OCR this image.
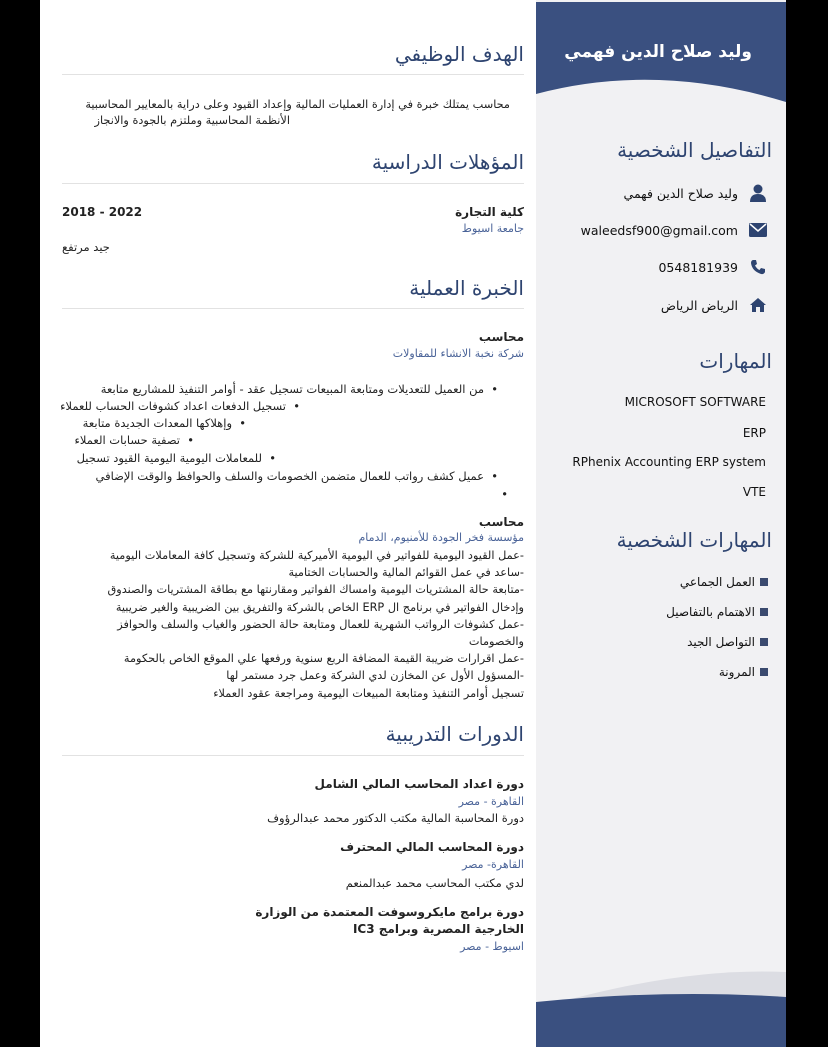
وليد صلاح الدين فهمي
التفاصيل الشخصية
وليد صلاح الدين فهمي
waleedsf900@gmail.com
0548181939
الرياض الرياض
المهارات
MICROSOFT SOFTWARE
ERP
RPhenix Accounting ERP system
VTE
المهارات الشخصية
العمل الجماعي
الاهتمام بالتفاصيل
التواصل الجيد
المرونة
الهدف الوظيفي
محاسب يمتلك خبرة في إدارة العمليات المالية وإعداد القيود وعلى دراية بالمعايير المحاسبية
الأنظمة المحاسبية وملتزم بالجودة والانجاز
المؤهلات الدراسية
كلية التجارة
جامعة اسيوط
2018 - 2022
جيد مرتفع
الخبرة العملية
محاسب
شركة نخبة الانشاء للمقاولات
• من العميل للتعديلات ومتابعة المبيعات تسجيل عقد - أوامر التنفيذ للمشاريع متابعة
• تسجيل الدفعات اعداد كشوفات الحساب للعملاء
• وإهلاكها المعدات الجديدة متابعة
• تصفية حسابات العملاء
• للمعاملات اليومية اليومية القيود تسجيل
• عميل كشف رواتب للعمال متضمن الخصومات والسلف والحوافظ والوقت الإضافي
محاسب
مؤسسة فخر الجودة للأمنيوم، الدمام
-عمل القيود اليومية للفواتير في اليومية الأميركية للشركة وتسجيل كافة المعاملات اليومية
-ساعد في عمل القوائم المالية والحسابات الختامية
-متابعة حالة المشتريات اليومية وامساك الفواتير ومقارنتها مع بطاقة المشتريات والصندوق
وإدخال الفواتير في برنامج ال ERP الخاص بالشركة والتفريق بين الضريبية والغير ضريبية
-عمل كشوفات الرواتب الشهرية للعمال ومتابعة حالة الحضور والغياب والسلف والحوافز
والخصومات
-عمل اقرارات ضريبة القيمة المضافة الربع سنوية ورفعها علي الموقع الخاص بالحكومة
-المسؤول الأول عن المخازن لدي الشركة وعمل جرد مستمر لها
تسجيل أوامر التنفيذ ومتابعة المبيعات اليومية ومراجعة عقود العملاء
الدورات التدريبية
دورة اعداد المحاسب المالي الشامل
القاهرة - مصر
دورة المحاسبة المالية مكتب الدكتور محمد عبدالرؤوف
دورة المحاسب المالي المحترف
القاهرة- مصر
لدي مكتب المحاسب محمد عبدالمنعم
دورة برامج مايكروسوفت المعتمدة من الوزارة
الخارجية المصرية وبرامج IC3
اسيوط - مصر
